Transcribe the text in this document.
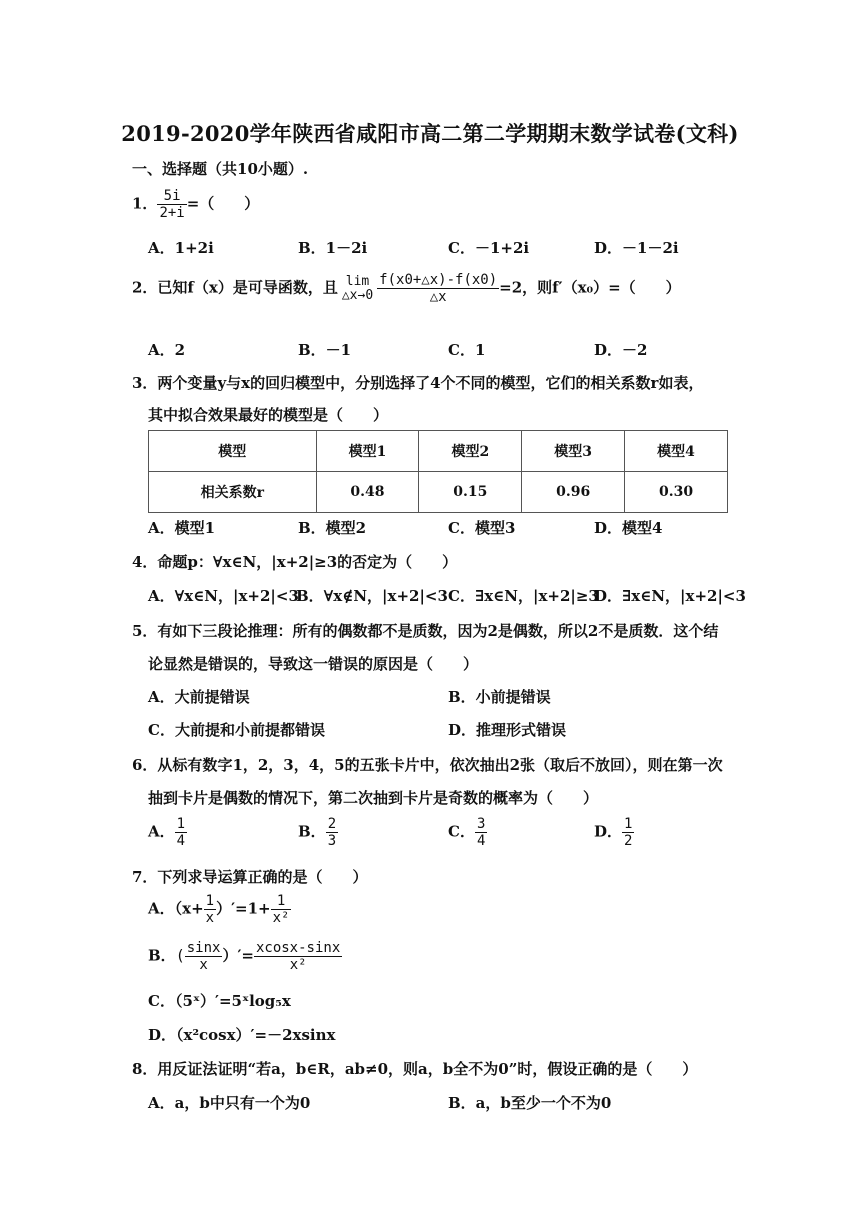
2019-2020学年陕西省咸阳市高二第二学期期末数学试卷(文科)
一、选择题（共10小题）.
1． $\frac{5i}{2+i}$ =（　　）
A．1+2i	B．1－2i	C．－1+2i	D．－1－2i
2．已知f（x）是可导函数，且 lim
△x→0 $\frac{f(x0+\triangle x)-f(x0)}{\triangle x} =2$，则f′（x₀）=（　　）
A．2	B．－1	C．1	D．－2
3．两个变量y与x的回归模型中，分别选择了4个不同的模型，它们的相关系数r如表，
其中拟合效果最好的模型是（　　）
模型	模型1	模型2	模型3	模型4
相关系数r	0.48	0.15	0.96	0.30
A．模型1	B．模型2	C．模型3	D．模型4
4．命题p：∀x∈N，|x+2|≥3的否定为（　　）
A．∀x∈N，|x+2|<3
B．∀x∉N，|x+2|<3 C．∃x∈N，|x+2|≥3
D．∃x∈N，|x+2|<3
5．有如下三段论推理：所有的偶数都不是质数，因为2是偶数，所以2不是质数．这个结
论显然是错误的，导致这一错误的原因是（　　）
A．大前提错误	B．小前提错误
C．大前提和小前提都错误	D．推理形式错误
6．从标有数字1，2，3，4，5的五张卡片中，依次抽出2张（取后不放回），则在第一次
抽到卡片是偶数的情况下，第二次抽到卡片是奇数的概率为（　　）
A． $\frac{1}{4}$	B． $\frac{2}{3}$	C． $\frac{3}{4}$	D． $\frac{1}{2}$
7．下列求导运算正确的是（　　）
A．$(x+ \frac{1}{x} )'=1+ \frac{1}{\text{x²}}$
B．( $\frac{\sin x}{x}$ ）′= $\frac{xcosx-\sin x}{\text{x²}}$
C．（5ˣ）′=5ˣlog₅x
D．（x²cosx）′=－2xsinx
8．用反证法证明“若a，b∈R，ab≠0，则a，b全不为0”时，假设正确的是（　　）
A．a，b中只有一个为0	B．a，b至少一个不为0
